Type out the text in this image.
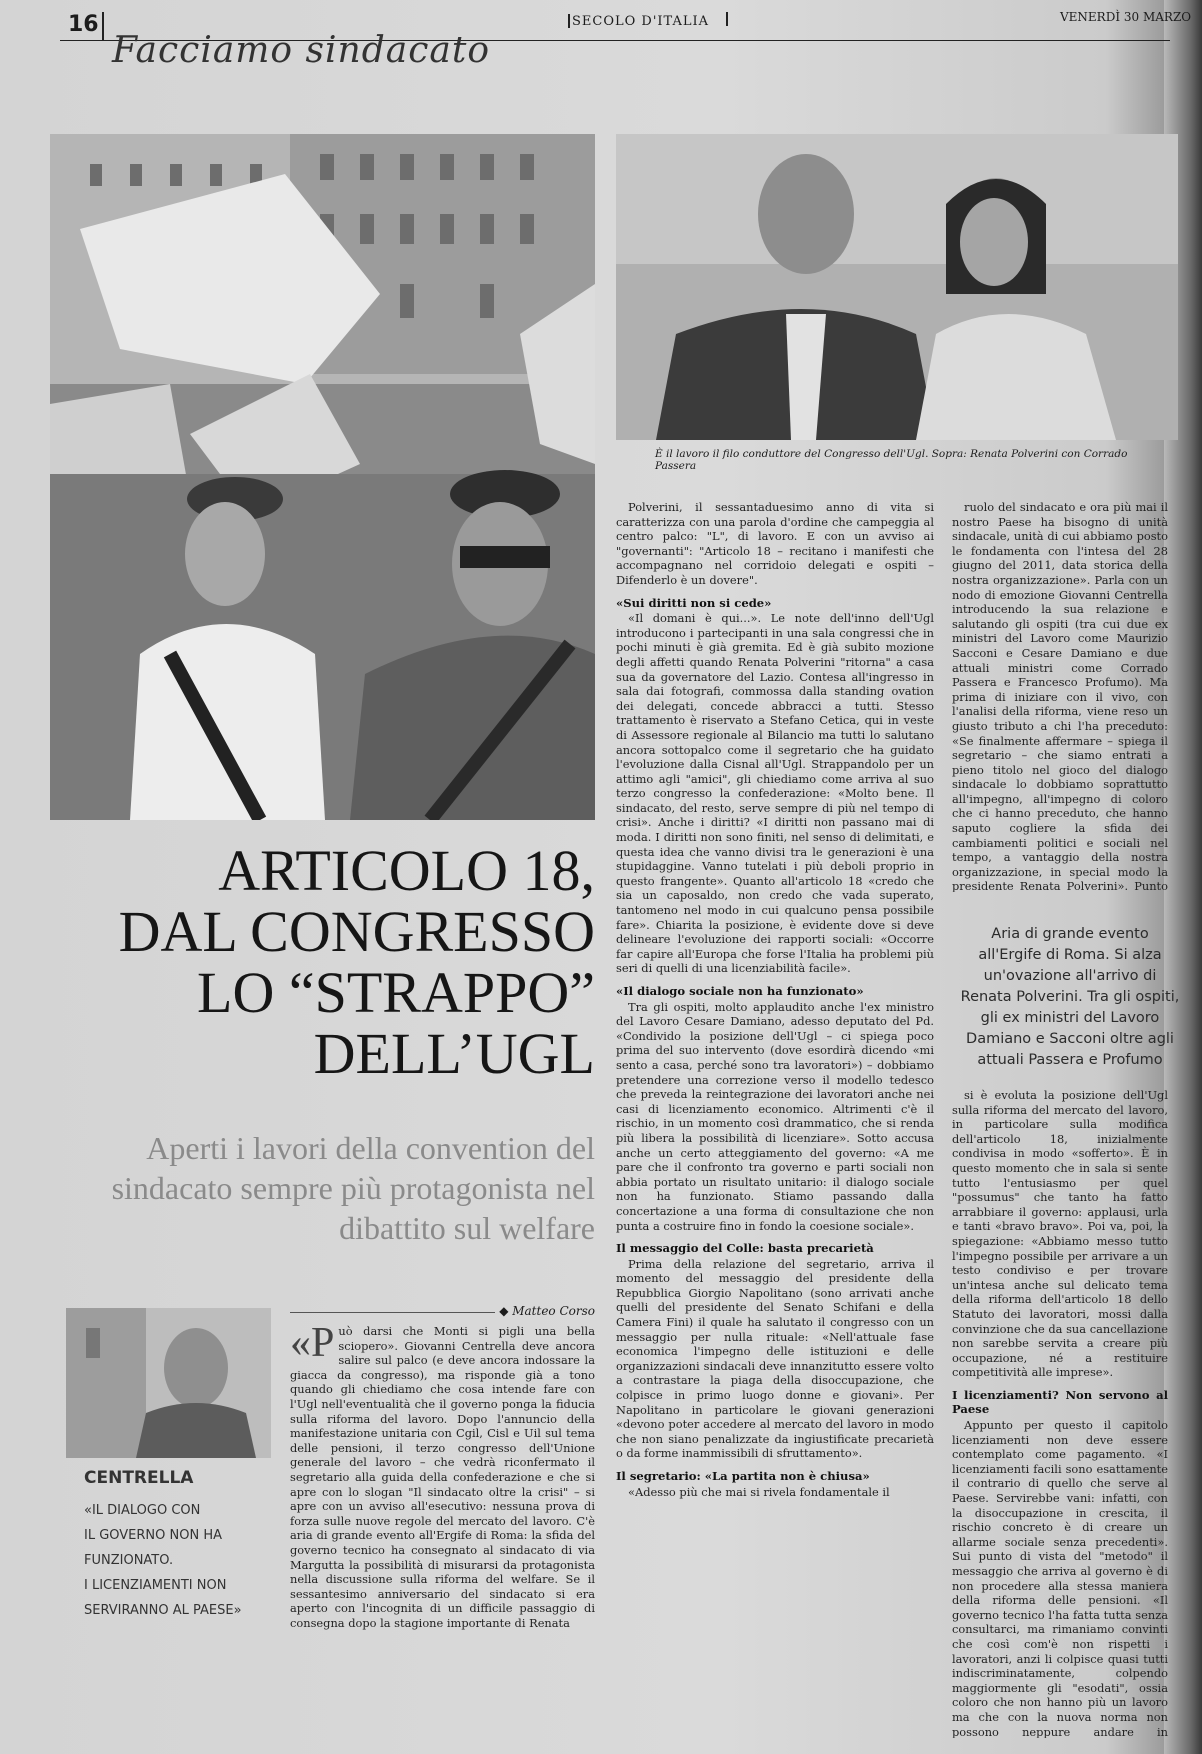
16	SECOLO D'ITALIA	VENERDÌ 30 MARZO
Facciamo sindacato
È il lavoro il filo conduttore del Congresso dell'Ugl. Sopra: Renata Polverini con Corrado Passera
ARTICOLO 18,
DAL CONGRESSO
LO “STRAPPO”
DELL’UGL
Aperti i lavori della convention del sindacato sempre più protagonista nel dibattito sul welfare
◆ Matteo Corso
«Può darsi che Monti si pigli una bella sciopero». Giovanni Centrella deve ancora salire sul palco (e deve ancora indossare la giacca da congresso), ma risponde già a tono quando gli chiediamo che cosa intende fare con l'Ugl nell'eventualità che il governo ponga la fiducia sulla riforma del lavoro. Dopo l'annuncio della manifestazione unitaria con Cgil, Cisl e Uil sul tema delle pensioni, il terzo congresso dell'Unione generale del lavoro – che vedrà riconfermato il segretario alla guida della confederazione e che si apre con lo slogan "Il sindacato oltre la crisi" – si apre con un avviso all'esecutivo: nessuna prova di forza sulle nuove regole del mercato del lavoro. C'è aria di grande evento all'Ergife di Roma: la sfida del governo tecnico ha consegnato al sindacato di via Margutta la possibilità di misurarsi da protagonista nella discussione sulla riforma del welfare. Se il sessantesimo anniversario del sindacato si era aperto con l'incognita di un difficile passaggio di consegna dopo la stagione importante di Renata

Polverini, il sessantaduesimo anno di vita si caratterizza con una parola d'ordine che campeggia al centro palco: "L", di lavoro. E con un avviso ai "governanti": "Articolo 18 – recitano i manifesti che accompagnano nel corridoio delegati e ospiti – Difenderlo è un dovere".

«Sui diritti non si cede»

«Il domani è qui...». Le note dell'inno dell'Ugl introducono i partecipanti in una sala congressi che in pochi minuti è già gremita. Ed è già subito mozione degli affetti quando Renata Polverini "ritorna" a casa sua da governatore del Lazio. Contesa all'ingresso in sala dai fotografi, commossa dalla standing ovation dei delegati, concede abbracci a tutti. Stesso trattamento è riservato a Stefano Cetica, qui in veste di Assessore regionale al Bilancio ma tutti lo salutano ancora sottopalco come il segretario che ha guidato l'evoluzione dalla Cisnal all'Ugl. Strappandolo per un attimo agli "amici", gli chiediamo come arriva al suo terzo congresso la confederazione: «Molto bene. Il sindacato, del resto, serve sempre di più nel tempo di crisi». Anche i diritti? «I diritti non passano mai di moda. I diritti non sono finiti, nel senso di delimitati, e questa idea che vanno divisi tra le generazioni è una stupidaggine. Vanno tutelati i più deboli proprio in questo frangente». Quanto all'articolo 18 «credo che sia un caposaldo, non credo che vada superato, tantomeno nel modo in cui qualcuno pensa possibile fare». Chiarita la posizione, è evidente dove si deve delineare l'evoluzione dei rapporti sociali: «Occorre far capire all'Europa che forse l'Italia ha problemi più seri di quelli di una licenziabilità facile».

«Il dialogo sociale non ha funzionato»

Tra gli ospiti, molto applaudito anche l'ex ministro del Lavoro Cesare Damiano, adesso deputato del Pd. «Condivido la posizione dell'Ugl – ci spiega poco prima del suo intervento (dove esordirà dicendo «mi sento a casa, perché sono tra lavoratori») – dobbiamo pretendere una correzione verso il modello tedesco che preveda la reintegrazione dei lavoratori anche nei casi di licenziamento economico. Altrimenti c'è il rischio, in un momento così drammatico, che si renda più libera la possibilità di licenziare». Sotto accusa anche un certo atteggiamento del governo: «A me pare che il confronto tra governo e parti sociali non abbia portato un risultato unitario: il dialogo sociale non ha funzionato. Stiamo passando dalla concertazione a una forma di consultazione che non punta a costruire fino in fondo la coesione sociale».

Il messaggio del Colle: basta precarietà

Prima della relazione del segretario, arriva il momento del messaggio del presidente della Repubblica Giorgio Napolitano (sono arrivati anche quelli del presidente del Senato Schifani e della Camera Fini) il quale ha salutato il congresso con un messaggio per nulla rituale: «Nell'attuale fase economica l'impegno delle istituzioni e delle organizzazioni sindacali deve innanzitutto essere volto a contrastare la piaga della disoccupazione, che colpisce in primo luogo donne e giovani». Per Napolitano in particolare le giovani generazioni «devono poter accedere al mercato del lavoro in modo che non siano penalizzate da ingiustificate precarietà o da forme inammissibili di sfruttamento».

Il segretario: «La partita non è chiusa»

«Adesso più che mai si rivela fondamentale il

ruolo del sindacato e ora più mai il nostro Paese ha bisogno di unità sindacale, unità di cui abbiamo posto le fondamenta con l'intesa del 28 giugno del 2011, data storica della nostra organizzazione». Parla con un nodo di emozione Giovanni Centrella introducendo la sua relazione e salutando gli ospiti (tra cui due ex ministri del Lavoro come Maurizio Sacconi e Cesare Damiano e due attuali ministri come Corrado Passera e Francesco Profumo). Ma prima di iniziare con il vivo, con l'analisi della riforma, viene reso un giusto tributo a chi l'ha preceduto: «Se finalmente affermare – spiega il segretario – che siamo entrati a pieno titolo nel gioco del dialogo sindacale lo dobbiamo soprattutto all'impegno, all'impegno di coloro che ci hanno preceduto, che hanno saputo cogliere la sfida dei cambiamenti politici e sociali nel tempo, a vantaggio della nostra organizzazione, in special modo la presidente Renata Polverini». Punto

Aria di grande evento all'Ergife di Roma. Si alza un'ovazione all'arrivo di Renata Polverini. Tra gli ospiti, gli ex ministri del Lavoro Damiano e Sacconi oltre agli attuali Passera e Profumo

si è evoluta la posizione dell'Ugl sulla riforma del mercato del lavoro, in particolare sulla modifica dell'articolo 18, inizialmente condivisa in modo «sofferto». È in questo momento che in sala si sente tutto l'entusiasmo per quel "possumus" che tanto ha fatto arrabbiare il governo: applausi, urla e tanti «bravo bravo». Poi va, poi, la spiegazione: «Abbiamo messo tutto l'impegno possibile per arrivare a un testo condiviso e per trovare un'intesa anche sul delicato tema della riforma dell'articolo 18 dello Statuto dei lavoratori, mossi dalla convinzione che da sua cancellazione non sarebbe servita a creare più occupazione, né a restituire competitività alle imprese».

I licenziamenti? Non servono al Paese

Appunto per questo il capitolo licenziamenti non deve essere contemplato come pagamento. «I licenziamenti facili sono esattamente il contrario di quello che serve al Paese. Servirebbe vani: infatti, con la disoccupazione in crescita, il rischio concreto è di creare un allarme sociale senza precedenti». Sui punto di vista del "metodo" il messaggio che arriva al governo è di non procedere alla stessa maniera della riforma delle pensioni. «Il governo tecnico l'ha fatta tutta senza consultarci, ma rimaniamo convinti che così com'è non rispetti i lavoratori, anzi li colpisce quasi tutti indiscriminatamente, colpendo maggiormente gli "esodati", ossia coloro che non hanno più un lavoro ma che con la nuova norma non possono neppure andare in

CENTRELLA
«IL DIALOGO CON
IL GOVERNO NON HA
FUNZIONATO.
I LICENZIAMENTI NON
SERVIRANNO AL PAESE»
